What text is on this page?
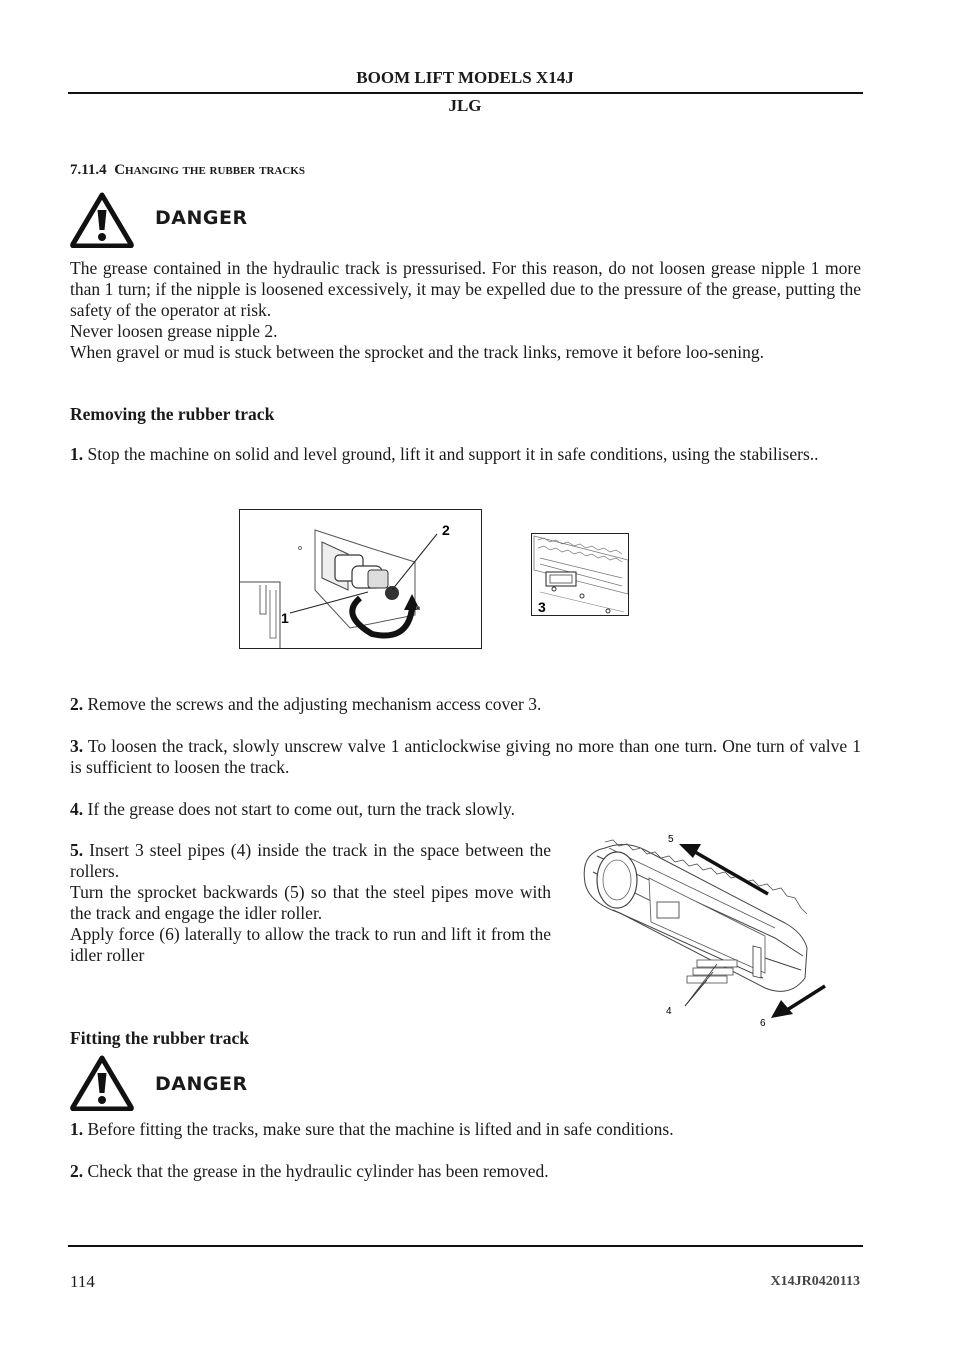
BOOM LIFT MODELS X14J
JLG
7.11.4 Changing the rubber tracks
DANGER
The grease contained in the hydraulic track is pressurised. For this reason, do not loosen grease nipple 1 more than 1 turn; if the nipple is loosened excessively, it may be expelled due to the pressure of the grease, putting the safety of the operator at risk.
Never loosen grease nipple 2.
When gravel or mud is stuck between the sprocket and the track links, remove it before loo-sening.
Removing the rubber track
1. Stop the machine on solid and level ground, lift it and support it in safe conditions, using the stabilisers..
2
1
3
2. Remove the screws and the adjusting mechanism access cover 3.
3. To loosen the track, slowly unscrew valve 1 anticlockwise giving no more than one turn. One turn of valve 1 is sufficient to loosen the track.
4. If the grease does not start to come out, turn the track slowly.
5. Insert 3 steel pipes (4) inside the track in the space between the rollers.
Turn the sprocket backwards (5) so that the steel pipes move with the track and engage the idler roller.
Apply force (6) laterally to allow the track to run and lift it from the idler roller
5
4
6
Fitting the rubber track
DANGER
1. Before fitting the tracks, make sure that the machine is lifted and in safe conditions.
2. Check that the grease in the hydraulic cylinder has been removed.
114	X14JR0420113
